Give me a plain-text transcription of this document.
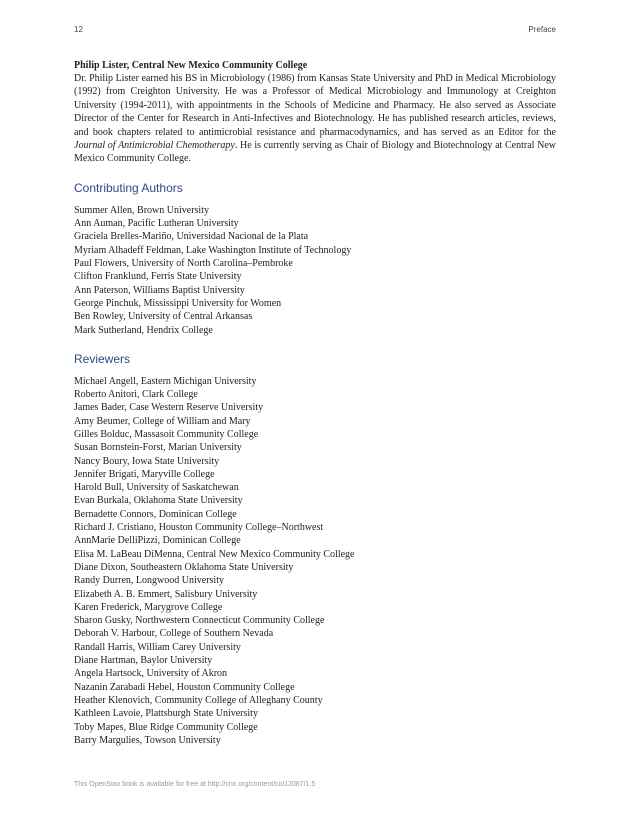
12	Preface
Philip Lister, Central New Mexico Community College

Dr. Philip Lister earned his BS in Microbiology (1986) from Kansas State University and PhD in Medical Microbiology (1992) from Creighton University. He was a Professor of Medical Microbiology and Immunology at Creighton University (1994-2011), with appointments in the Schools of Medicine and Pharmacy. He also served as Associate Director of the Center for Research in Anti-Infectives and Biotechnology. He has published research articles, reviews, and book chapters related to antimicrobial resistance and pharmacodynamics, and has served as an Editor for the Journal of Antimicrobial Chemotherapy. He is currently serving as Chair of Biology and Biotechnology at Central New Mexico Community College.

Contributing Authors
Summer Allen, Brown University
Ann Auman, Pacific Lutheran University
Graciela Brelles-Mariño, Universidad Nacional de la Plata
Myriam Alhadeff Feldman, Lake Washington Institute of Technology
Paul Flowers, University of North Carolina–Pembroke
Clifton Franklund, Ferris State University
Ann Paterson, Williams Baptist University
George Pinchuk, Mississippi University for Women
Ben Rowley, University of Central Arkansas
Mark Sutherland, Hendrix College
Reviewers
Michael Angell, Eastern Michigan University
Roberto Anitori, Clark College
James Bader, Case Western Reserve University
Amy Beumer, College of William and Mary
Gilles Bolduc, Massasoit Community College
Susan Bornstein-Forst, Marian University
Nancy Boury, Iowa State University
Jennifer Brigati, Maryville College
Harold Bull, University of Saskatchewan
Evan Burkala, Oklahoma State University
Bernadette Connors, Dominican College
Richard J. Cristiano, Houston Community College–Northwest
AnnMarie DelliPizzi, Dominican College
Elisa M. LaBeau DiMenna, Central New Mexico Community College
Diane Dixon, Southeastern Oklahoma State University
Randy Durren, Longwood University
Elizabeth A. B. Emmert, Salisbury University
Karen Frederick, Marygrove College
Sharon Gusky, Northwestern Connecticut Community College
Deborah V. Harbour, College of Southern Nevada
Randall Harris, William Carey University
Diane Hartman, Baylor University
Angela Hartsock, University of Akron
Nazanin Zarabadi Hebel, Houston Community College
Heather Klenovich, Community College of Alleghany County
Kathleen Lavoie, Plattsburgh State University
Toby Mapes, Blue Ridge Community College
Barry Margulies, Towson University
This OpenStax book is available for free at http://cnx.org/content/col12087/1.5
